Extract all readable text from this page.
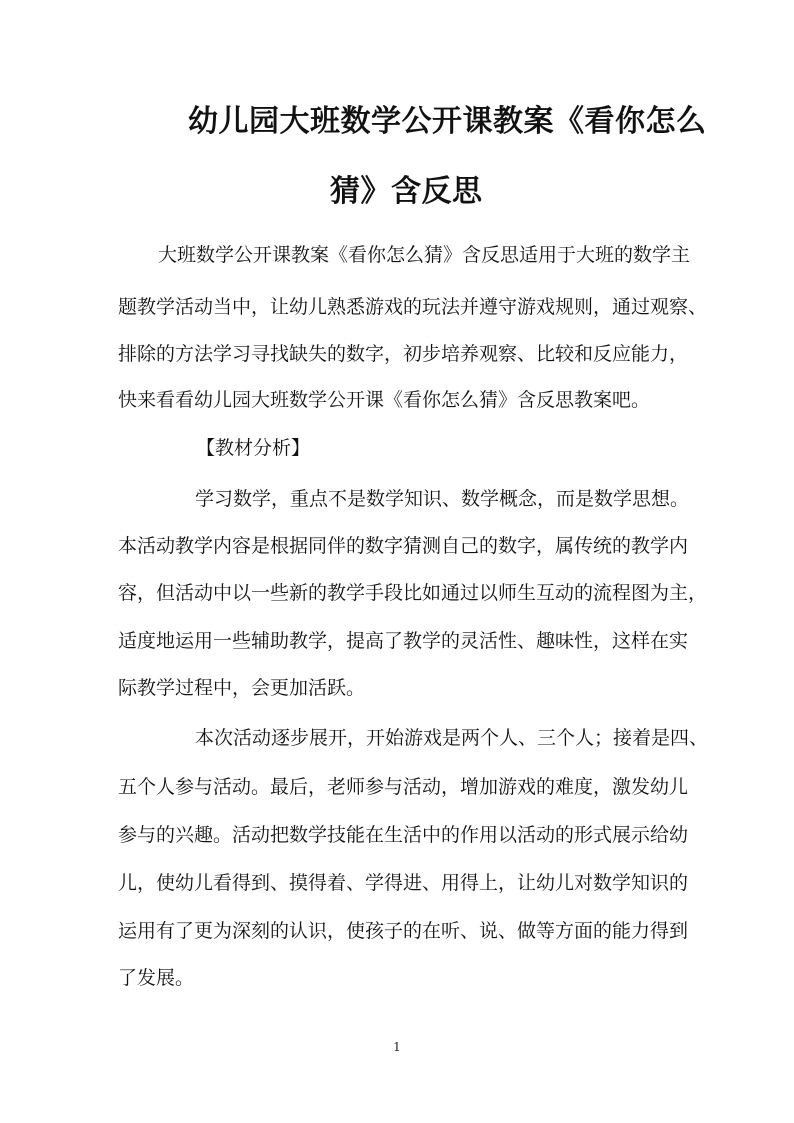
幼儿园大班数学公开课教案《看你怎么
猜》含反思
大班数学公开课教案《看你怎么猜》含反思适用于大班的数学主
题教学活动当中，让幼儿熟悉游戏的玩法并遵守游戏规则，通过观察、
排除的方法学习寻找缺失的数字，初步培养观察、比较和反应能力，
快来看看幼儿园大班数学公开课《看你怎么猜》含反思教案吧。
【教材分析】
学习数学，重点不是数学知识、数学概念，而是数学思想。
本活动教学内容是根据同伴的数字猜测自己的数字，属传统的教学内
容，但活动中以一些新的教学手段比如通过以师生互动的流程图为主，
适度地运用一些辅助教学，提高了教学的灵活性、趣味性，这样在实
际教学过程中，会更加活跃。
本次活动逐步展开，开始游戏是两个人、三个人；接着是四、
五个人参与活动。最后，老师参与活动，增加游戏的难度，激发幼儿
参与的兴趣。活动把数学技能在生活中的作用以活动的形式展示给幼
儿，使幼儿看得到、摸得着、学得进、用得上，让幼儿对数学知识的
运用有了更为深刻的认识，使孩子的在听、说、做等方面的能力得到
了发展。
1
